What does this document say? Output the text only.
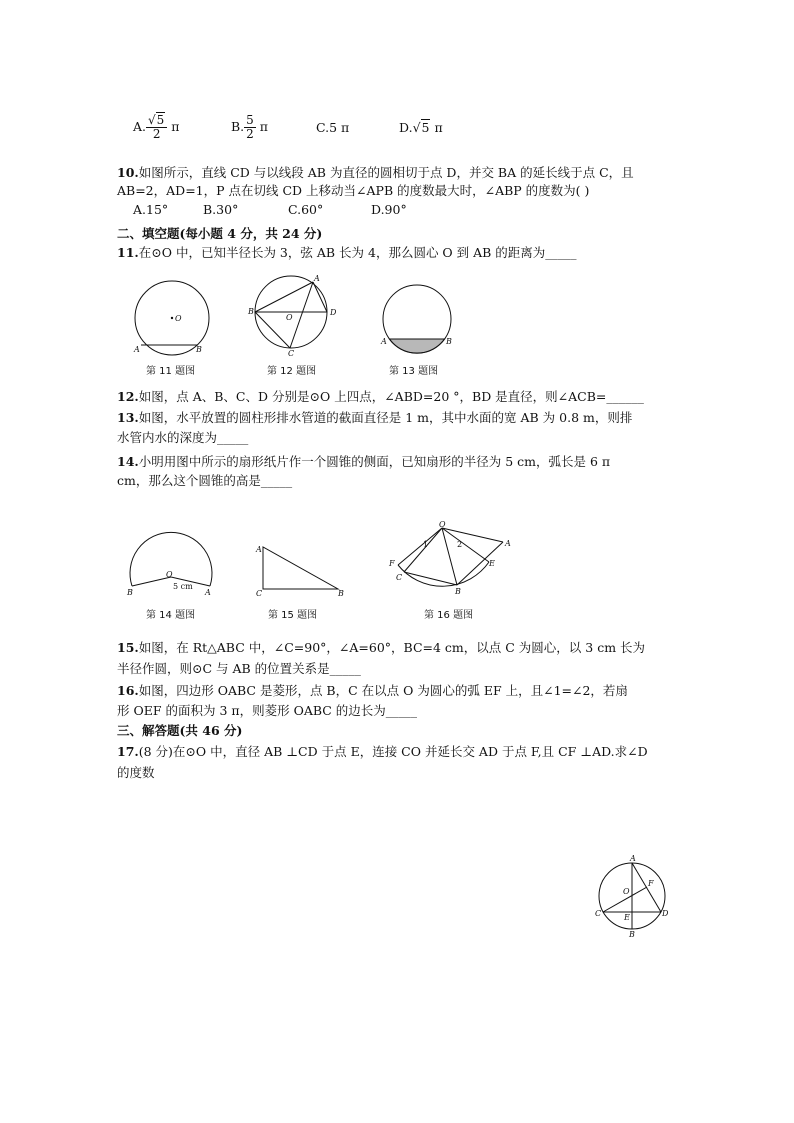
A. $\frac{√5}{2}$ π	B. $\frac{5}{2}$ π	C.5 π	D.√5 π
10.如图所示，直线 CD 与以线段 AB 为直径的圆相切于点 D，并交 BA 的延长线于点 C，且
AB=2，AD=1，P 点在切线 CD 上移动当∠APB 的度数最大时，∠ABP 的度数为( )
A.15°	B.30°	C.60°	D.90°
二、填空题(每小题 4 分，共 24 分)
11.在⊙O 中，已知半径长为 3，弦 AB 长为 4，那么圆心 O 到 AB 的距离为_____
O
A	B
第 11 题图
A
B
O
D
C
第 12 题图
A	B
第 13 题图
12.如图，点 A、B、C、D 分别是⊙O 上四点，∠ABD=20 °，BD 是直径，则∠ACB=______
13.如图，水平放置的圆柱形排水管道的截面直径是 1 m，其中水面的宽 AB 为 0.8 m，则排
水管内水的深度为_____
14.小明用图中所示的扇形纸片作一个圆锥的侧面，已知扇形的半径为 5 cm，弧长是 6 π
cm，那么这个圆锥的高是_____
O
5 cm
B	A
第 14 题图
A
C	B
第 15 题图
O
1	2	A
F	E
C
B
第 16 题图
15.如图，在 Rt△ABC 中，∠C=90°，∠A=60°，BC=4 cm，以点 C 为圆心，以 3 cm 长为
半径作圆，则⊙C 与 AB 的位置关系是_____
16.如图，四边形 OABC 是菱形，点 B，C 在以点 O 为圆心的弧 EF 上，且∠1=∠2，若扇
形 OEF 的面积为 3 π，则菱形 OABC 的边长为_____
三、解答题(共 46 分)
17.(8 分)在⊙O 中，直径 AB ⊥CD 于点 E，连接 CO 并延长交 AD 于点 F,且 CF ⊥AD.求∠D
的度数
A
O
F
C	E	D
B
